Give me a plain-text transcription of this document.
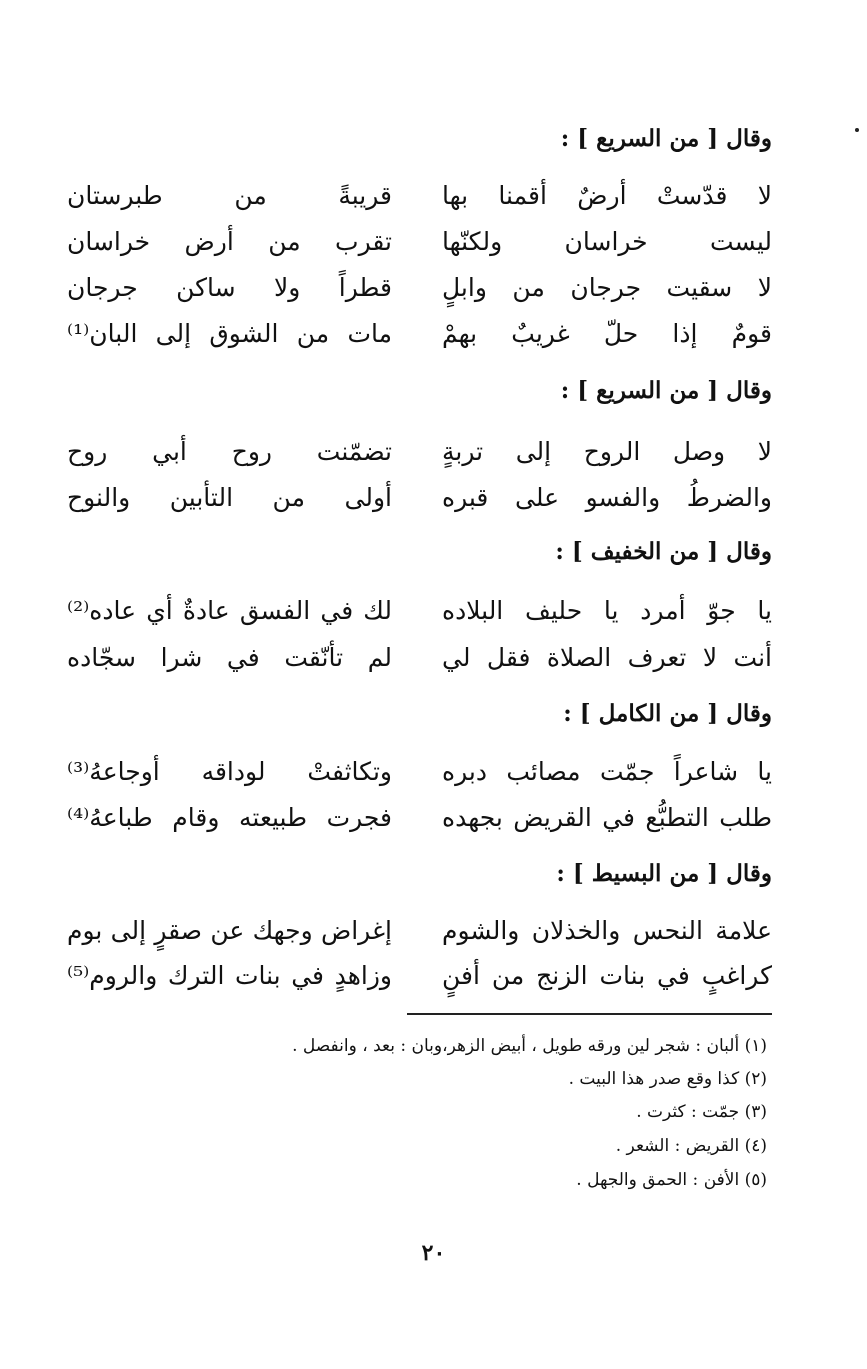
وقال [ من السريع ] :
لا قدّستْ أرضٌ أقمنا بها
قريبةً من طبرستان
ليست خراسان ولكنّها
تقرب من أرض خراسان
لا سقيت جرجان من وابلٍ
قطراً ولا ساكن جرجان
قومٌ إذا حلّ غريبٌ بهمْ
مات من الشوق إلى البان⁽¹⁾
وقال [ من السريع ] :
لا وصل الروح إلى تربةٍ
تضمّنت روح أبي روح
والضرطُ والفسو على قبره
أولى من التأبين والنوح
وقال [ من الخفيف ] :
يا جوّ أمرد يا حليف البلاده
لك في الفسق عادةٌ أي عاده⁽²⁾
أنت لا تعرف الصلاة فقل لي
لم تأنّقت في شرا سجّاده
وقال [ من الكامل ] :
يا شاعراً جمّت مصائب دبره
وتكاثفتْ لوداقه أوجاعهُ⁽³⁾
طلب التطبُّع في القريض بجهده
فجرت طبيعته وقام طباعهُ⁽⁴⁾
وقال [ من البسيط ] :
علامة النحس والخذلان والشوم
إغراض وجهك عن صقرٍ إلى بوم
كراغبٍ في بنات الزنج من أفنٍ
وزاهدٍ في بنات الترك والروم⁽⁵⁾
(١) ألبان : شجر لين ورقه طويل ، أبيض الزهر،وبان : بعد ، وانفصل .
(٢) كذا وقع صدر هذا البيت .
(٣) جمّت : كثرت .
(٤) القريض : الشعر .
(٥) الأفن : الحمق والجهل .
٢٠
